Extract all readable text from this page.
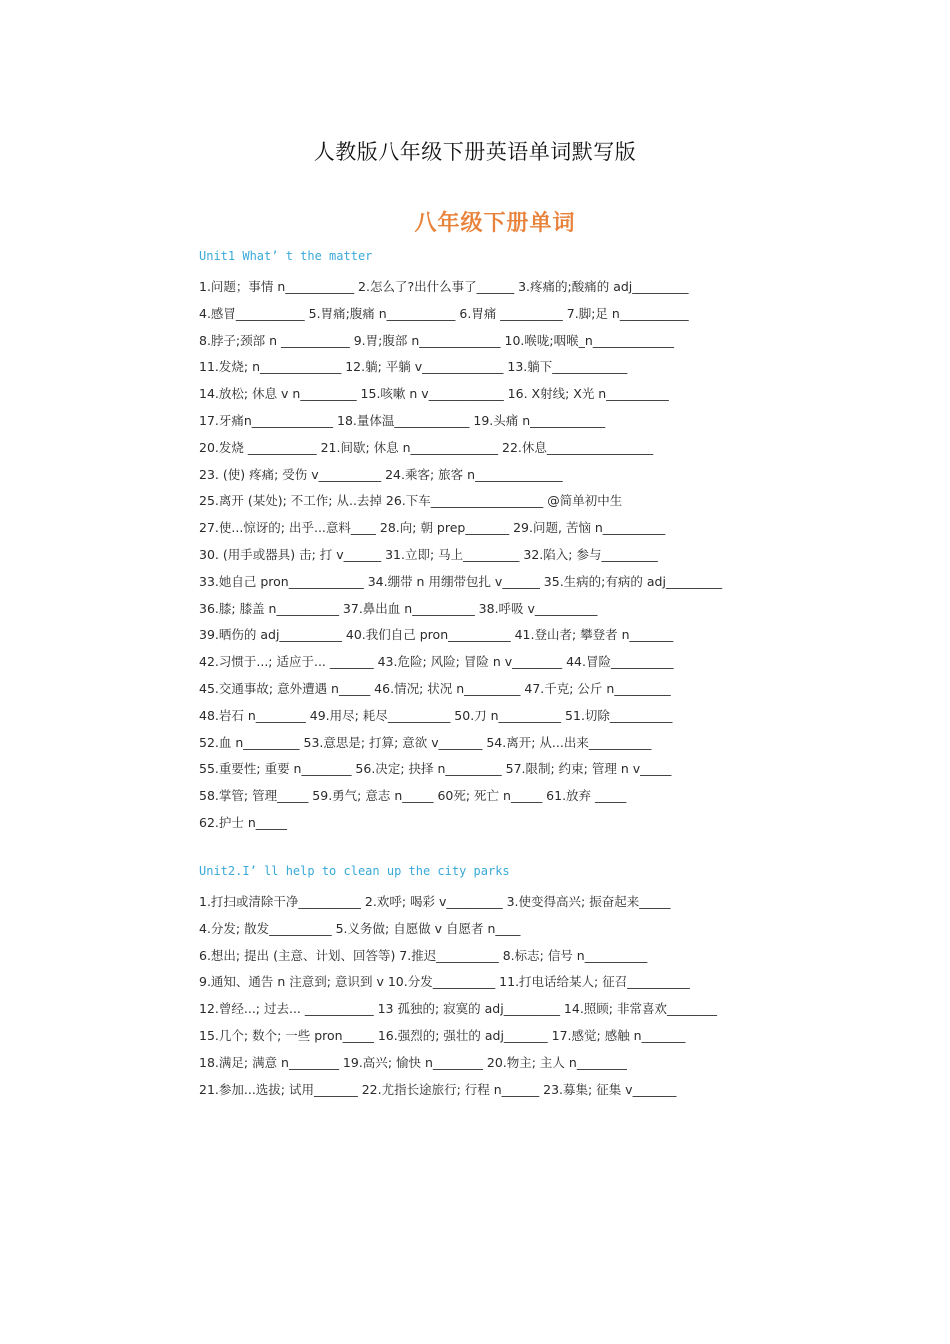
人教版八年级下册英语单词默写版
八年级下册单词
Unit1 What’ t the matter
1.问题；事情 n___________ 2.怎么了?出什么事了______ 3.疼痛的;酸痛的 adj_________
4.感冒___________ 5.胃痛;腹痛 n___________ 6.胃痛 __________ 7.脚;足 n___________
8.脖子;颈部 n ___________ 9.胃;腹部 n_____________ 10.喉咙;咽喉_n_____________
11.发烧; n_____________ 12.躺; 平躺 v_____________ 13.躺下____________
14.放松; 休息 v n_________ 15.咳嗽 n v____________ 16. X射线; X光 n__________
17.牙痛n_____________ 18.量体温____________ 19.头痛 n____________
20.发烧 ___________ 21.间歇; 休息 n______________ 22.休息_________________
23. (使) 疼痛; 受伤 v__________ 24.乘客; 旅客 n______________
25.离开 (某处); 不工作; 从..去掉 26.下车__________________ @简单初中生
27.使...惊讶的; 出乎...意料____ 28.向; 朝 prep_______ 29.问题, 苦恼 n__________
30. (用手或器具) 击; 打 v______ 31.立即; 马上_________ 32.陷入; 参与_________
33.她自己 pron____________ 34.绷带 n 用绷带包扎 v______ 35.生病的;有病的 adj_________
36.膝; 膝盖 n__________ 37.鼻出血 n__________ 38.呼吸 v__________
39.晒伤的 adj__________ 40.我们自己 pron__________ 41.登山者; 攀登者 n_______
42.习惯于...; 适应于... _______ 43.危险; 风险; 冒险 n v________ 44.冒险__________
45.交通事故; 意外遭遇 n_____ 46.情况; 状况 n_________ 47.千克; 公斤 n_________
48.岩石 n________ 49.用尽; 耗尽__________ 50.刀 n__________ 51.切除__________
52.血 n_________ 53.意思是; 打算; 意欲 v_______ 54.离开; 从...出来__________
55.重要性; 重要 n________ 56.决定; 抉择 n_________ 57.限制; 约束; 管理 n v_____
58.掌管; 管理_____ 59.勇气; 意志 n_____ 60死; 死亡 n_____ 61.放弃 _____
62.护士 n_____
Unit2.I’ ll help to clean up the city parks
1.打扫或清除干净__________ 2.欢呼; 喝彩 v_________ 3.使变得高兴; 振奋起来_____
4.分发; 散发__________ 5.义务做; 自愿做 v 自愿者 n____
6.想出; 提出 (主意、计划、回答等) 7.推迟__________ 8.标志; 信号 n__________
9.通知、通告 n 注意到; 意识到 v 10.分发__________ 11.打电话给某人; 征召__________
12.曾经...; 过去... ___________ 13 孤独的; 寂寞的 adj_________ 14.照顾; 非常喜欢________
15.几个; 数个; 一些 pron_____ 16.强烈的; 强壮的 adj_______ 17.感觉; 感触 n_______
18.满足; 满意 n________ 19.高兴; 愉快 n________ 20.物主; 主人 n________
21.参加...选拔; 试用_______ 22.尤指长途旅行; 行程 n______ 23.募集; 征集 v_______
